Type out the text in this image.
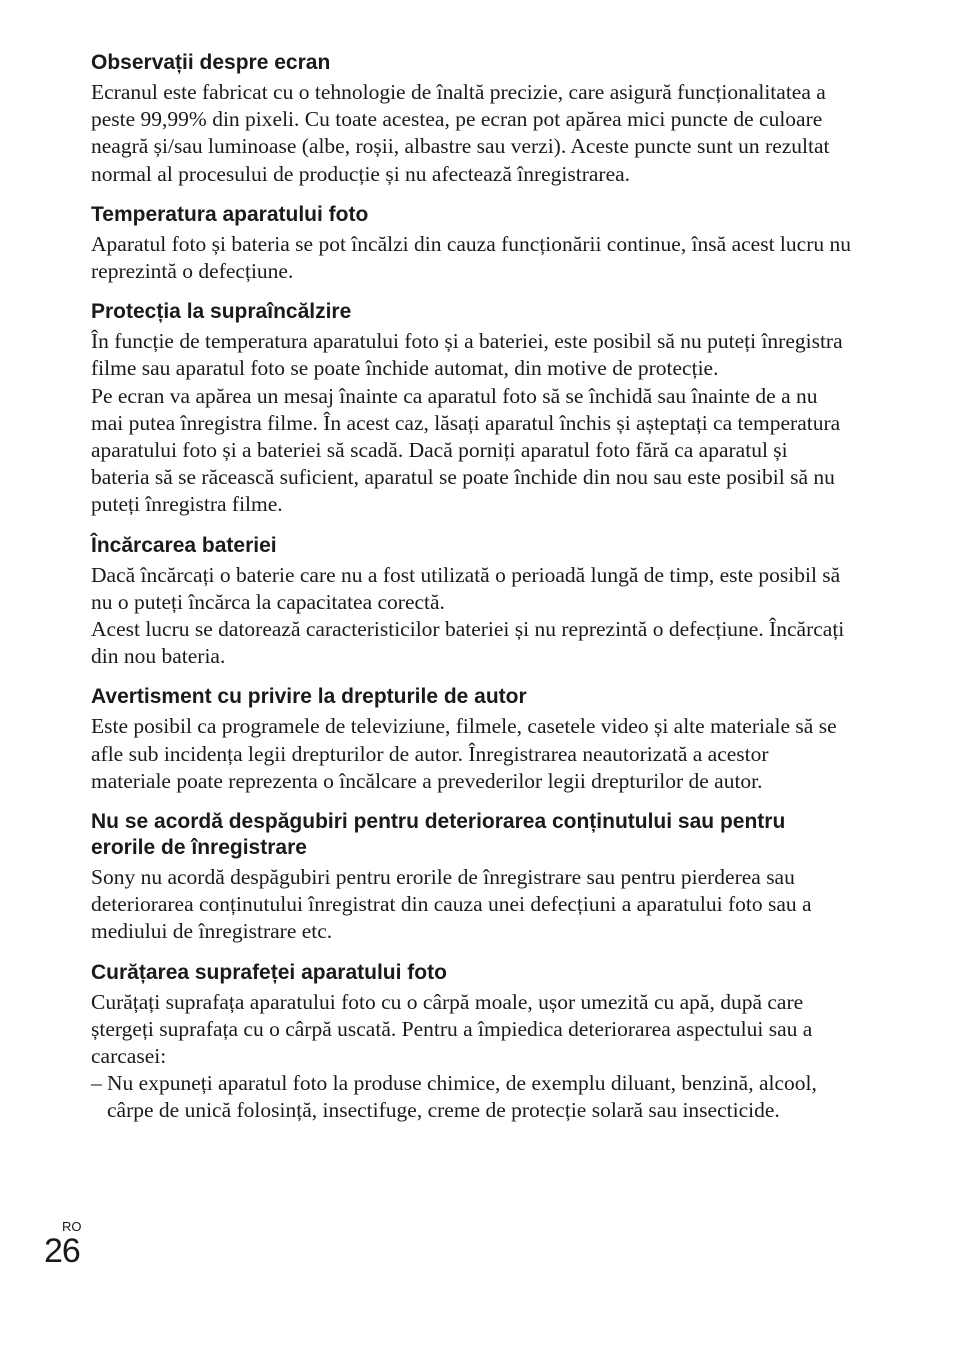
Observații despre ecran

Ecranul este fabricat cu o tehnologie de înaltă precizie, care asigură funcționalitatea a peste 99,99% din pixeli. Cu toate acestea, pe ecran pot apărea mici puncte de culoare neagră și/sau luminoase (albe, roșii, albastre sau verzi). Aceste puncte sunt un rezultat normal al procesului de producție și nu afectează înregistrarea.

Temperatura aparatului foto

Aparatul foto și bateria se pot încălzi din cauza funcționării continue, însă acest lucru nu reprezintă o defecțiune.

Protecția la supraîncălzire

În funcție de temperatura aparatului foto și a bateriei, este posibil să nu puteți înregistra filme sau aparatul foto se poate închide automat, din motive de protecție.

Pe ecran va apărea un mesaj înainte ca aparatul foto să se închidă sau înainte de a nu mai putea înregistra filme. În acest caz, lăsați aparatul închis și așteptați ca temperatura aparatului foto și a bateriei să scadă. Dacă porniți aparatul foto fără ca aparatul și bateria să se răcească suficient, aparatul se poate închide din nou sau este posibil să nu puteți înregistra filme.

Încărcarea bateriei

Dacă încărcați o baterie care nu a fost utilizată o perioadă lungă de timp, este posibil să nu o puteți încărca la capacitatea corectă.

Acest lucru se datorează caracteristicilor bateriei și nu reprezintă o defecțiune. Încărcați din nou bateria.

Avertisment cu privire la drepturile de autor

Este posibil ca programele de televiziune, filmele, casetele video și alte materiale să se afle sub incidența legii drepturilor de autor. Înregistrarea neautorizată a acestor materiale poate reprezenta o încălcare a prevederilor legii drepturilor de autor.

Nu se acordă despăgubiri pentru deteriorarea conținutului sau pentru erorile de înregistrare

Sony nu acordă despăgubiri pentru erorile de înregistrare sau pentru pierderea sau deteriorarea conținutului înregistrat din cauza unei defecțiuni a aparatului foto sau a mediului de înregistrare etc.

Curățarea suprafeței aparatului foto

Curățați suprafața aparatului foto cu o cârpă moale, ușor umezită cu apă, după care ștergeți suprafața cu o cârpă uscată. Pentru a împiedica deteriorarea aspectului sau a carcasei:

– Nu expuneți aparatul foto la produse chimice, de exemplu diluant, benzină, alcool, cârpe de unică folosință, insectifuge, creme de protecție solară sau insecticide.

RO
26
